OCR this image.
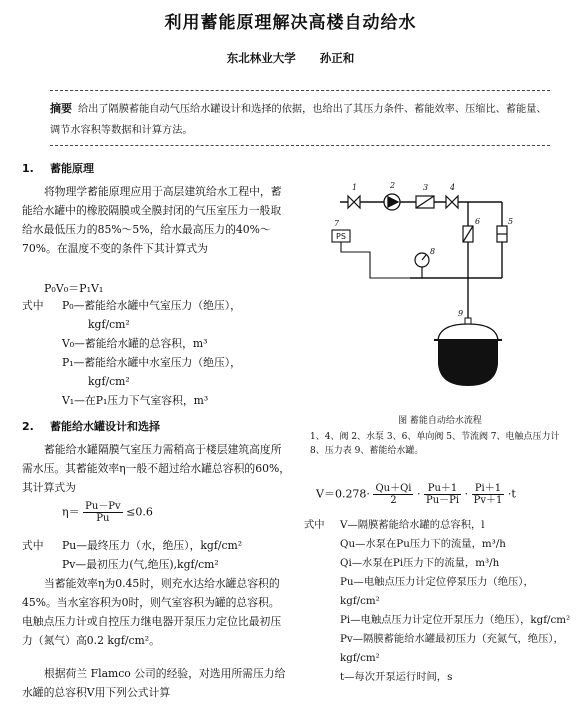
利用蓄能原理解决高楼自动给水
东北林业大学 孙正和
摘要 给出了隔膜蓄能自动气压给水罐设计和选择的依据，也给出了其压力条件、蓄能效率、压缩比、蓄能量、调节水容积等数据和计算方法。
1. 蓄能原理
将物理学蓄能原理应用于高层建筑给水工程中，蓄能给水罐中的橡胶隔膜或全膜封闭的气压室压力一般取给水最低压力的85%～5%，给水最高压力的40%～70%。在温度不变的条件下其计算式为
P₀V₀＝P₁V₁
式中 P₀—蓄能给水罐中气室压力（绝压），
kgf/cm²
V₀—蓄能给水罐的总容积，m³
P₁—蓄能给水罐中水室压力（绝压），
kgf/cm²
V₁—在P₁压力下气室容积，m³
2. 蓄能给水罐设计和选择
蓄能给水罐隔膜气室压力需稍高于楼层建筑高度所需水压。其蓄能效率η一般不超过给水罐总容积的60%，其计算式为
$\eta= \frac{Pu-Pv}{Pu} \le 0.6$
式中 Pu—最终压力（水，绝压），kgf/cm²
Pv—最初压力(气,绝压),kgf/cm²
当蓄能效率η为0.45时，则充水达给水罐总容积的45%。当水室容积为0时，则气室容积为罐的总容积。电触点压力计或自控压力继电器开泵压力定位比最初压力（氮气）高0.2 kgf/cm²。
根据荷兰 Flamco 公司的经验，对选用所需压力给水罐的总容积V用下列公式计算
PS
1	2	3	4
5
6
7
8
9
图 蓄能自动给水流程
1、4、阀 2、水泵 3、6、单向阀 5、节流阀 7、电触点压力计 8、压力表 9、蓄能给水罐。
$V=0.278\cdot \frac{Qu+Qi}{2} \cdot \frac{Pu+1}{Pu-Pi} \cdot \frac{Pi+1}{Pv+1} \cdot t$
式中 V—隔膜蓄能给水罐的总容积，l
Qu—水泵在Pu压力下的流量，m³/h
Qi—水泵在Pi压力下的流量，m³/h
Pu—电触点压力计定位停泵压力（绝压），kgf/cm²
Pi—电触点压力计定位开泵压力（绝压），kgf/cm²
Pv—隔膜蓄能给水罐最初压力（充氮气，绝压），kgf/cm²
t—每次开泵运行时间，s
